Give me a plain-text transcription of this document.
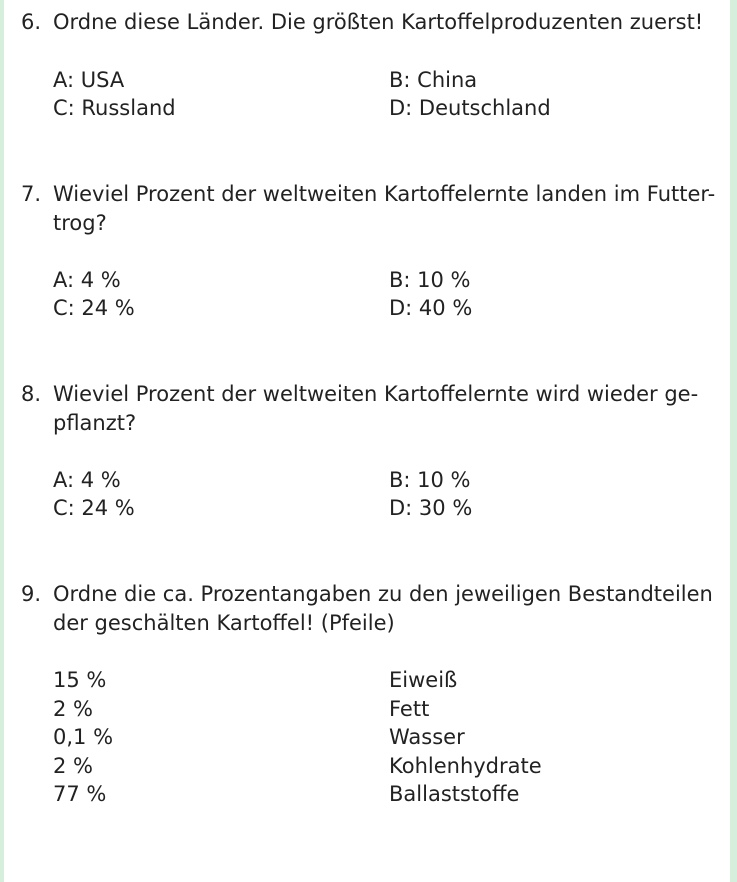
6. Ordne diese Länder. Die größten Kartoffelproduzenten zuerst!
A: USA	B: China
C: Russland	D: Deutschland
7. Wieviel Prozent der weltweiten Kartoffelernte landen im Futter-
trog?
A: 4 %	B: 10 %
C: 24 %	D: 40 %
8. Wieviel Prozent der weltweiten Kartoffelernte wird wieder ge-
pflanzt?
A: 4 %	B: 10 %
C: 24 %	D: 30 %
9. Ordne die ca. Prozentangaben zu den jeweiligen Bestandteilen
der geschälten Kartoffel! (Pfeile)
15 %	Eiweiß
2 %	Fett
0,1 %	Wasser
2 %	Kohlenhydrate
77 %	Ballaststoffe
